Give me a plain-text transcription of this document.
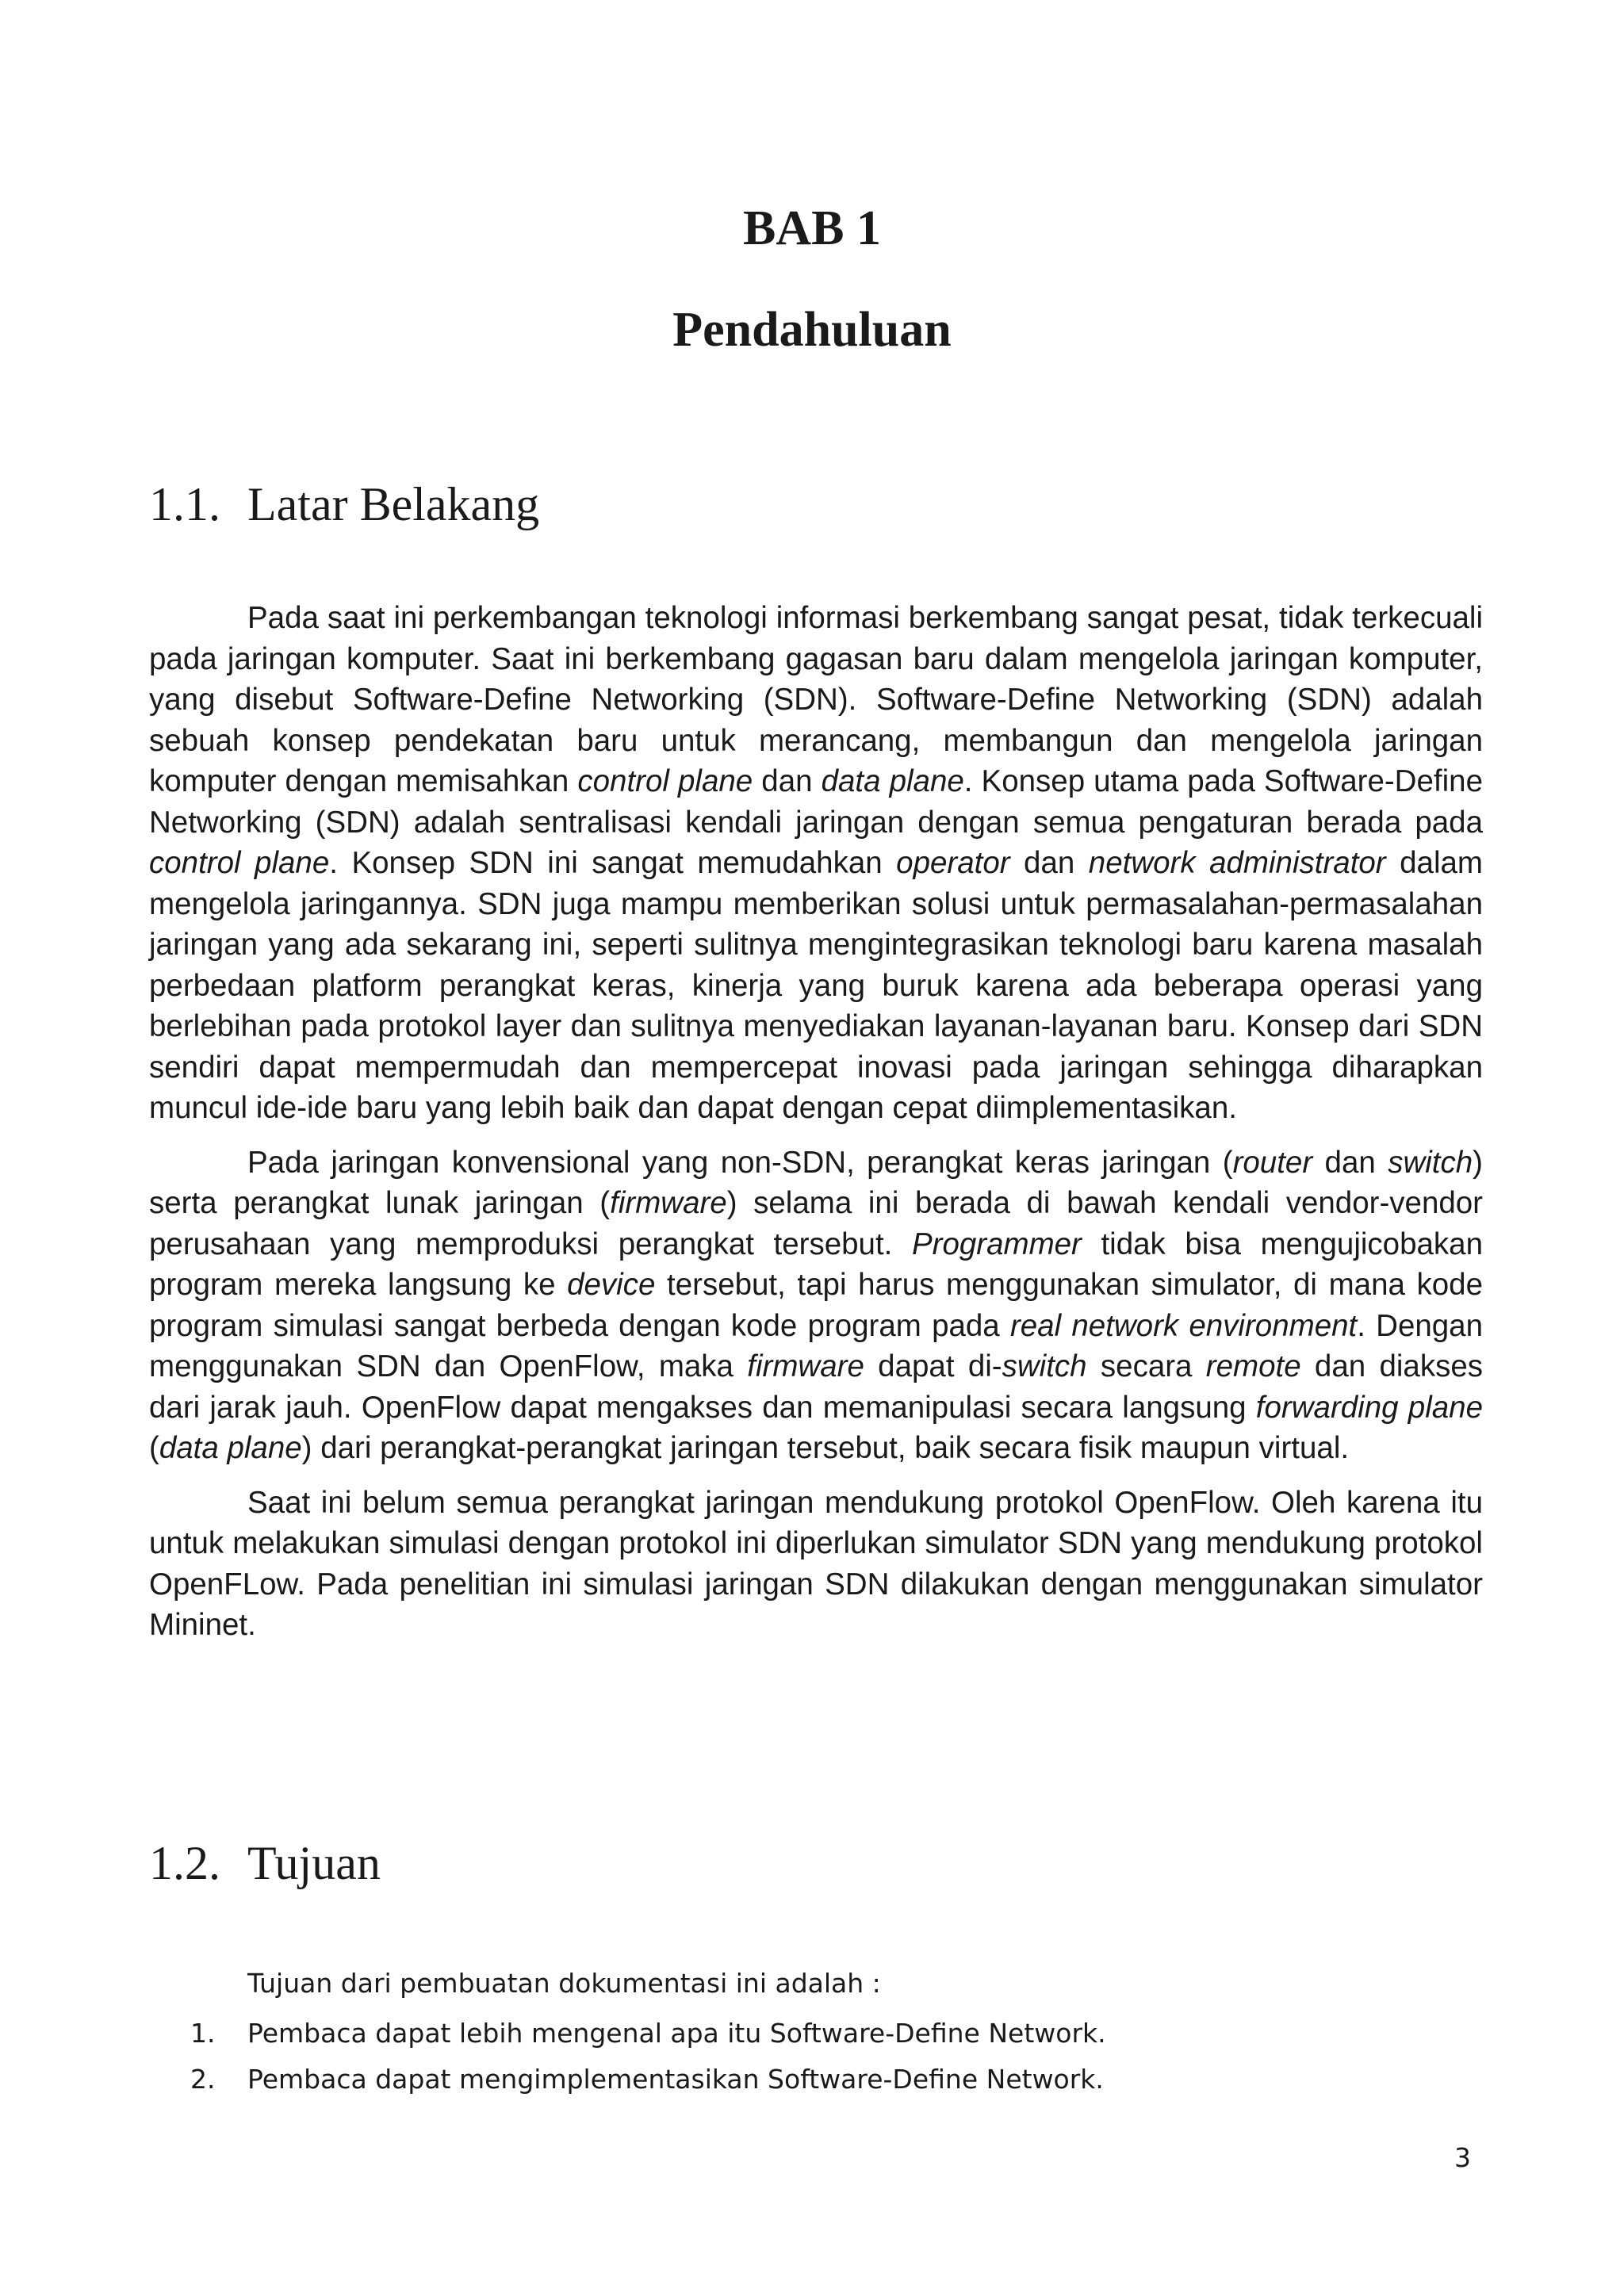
BAB 1
Pendahuluan
1.1. Latar Belakang

Pada saat ini perkembangan teknologi informasi berkembang sangat pesat, tidak terkecuali pada jaringan komputer. Saat ini berkembang gagasan baru dalam mengelola jaringan komputer, yang disebut Software-Define Networking (SDN). Software-Define Networking (SDN) adalah sebuah konsep pendekatan baru untuk merancang, membangun dan mengelola jaringan komputer dengan memisahkan control plane dan data plane. Konsep utama pada Software-Define Networking (SDN) adalah sentralisasi kendali jaringan dengan semua pengaturan berada pada control plane. Konsep SDN ini sangat memudahkan operator dan network administrator dalam mengelola jaringannya. SDN juga mampu memberikan solusi untuk permasalahan-permasalahan jaringan yang ada sekarang ini, seperti sulitnya mengintegrasikan teknologi baru karena masalah perbedaan platform perangkat keras, kinerja yang buruk karena ada beberapa operasi yang berlebihan pada protokol layer dan sulitnya menyediakan layanan-layanan baru. Konsep dari SDN sendiri dapat mempermudah dan mempercepat inovasi pada jaringan sehingga diharapkan muncul ide-ide baru yang lebih baik dan dapat dengan cepat diimplementasikan.

Pada jaringan konvensional yang non-SDN, perangkat keras jaringan (router dan switch) serta perangkat lunak jaringan (firmware) selama ini berada di bawah kendali vendor-vendor perusahaan yang memproduksi perangkat tersebut. Programmer tidak bisa mengujicobakan program mereka langsung ke device tersebut, tapi harus menggunakan simulator, di mana kode program simulasi sangat berbeda dengan kode program pada real network environment. Dengan menggunakan SDN dan OpenFlow, maka firmware dapat di-switch secara remote dan diakses dari jarak jauh. OpenFlow dapat mengakses dan memanipulasi secara langsung forwarding plane (data plane) dari perangkat-perangkat jaringan tersebut, baik secara fisik maupun virtual.

Saat ini belum semua perangkat jaringan mendukung protokol OpenFlow. Oleh karena itu untuk melakukan simulasi dengan protokol ini diperlukan simulator SDN yang mendukung protokol OpenFLow. Pada penelitian ini simulasi jaringan SDN dilakukan dengan menggunakan simulator Mininet.

1.2. Tujuan

Tujuan dari pembuatan dokumentasi ini adalah :

1. Pembaca dapat lebih mengenal apa itu Software-Define Network.
2. Pembaca dapat mengimplementasikan Software-Define Network.
3
